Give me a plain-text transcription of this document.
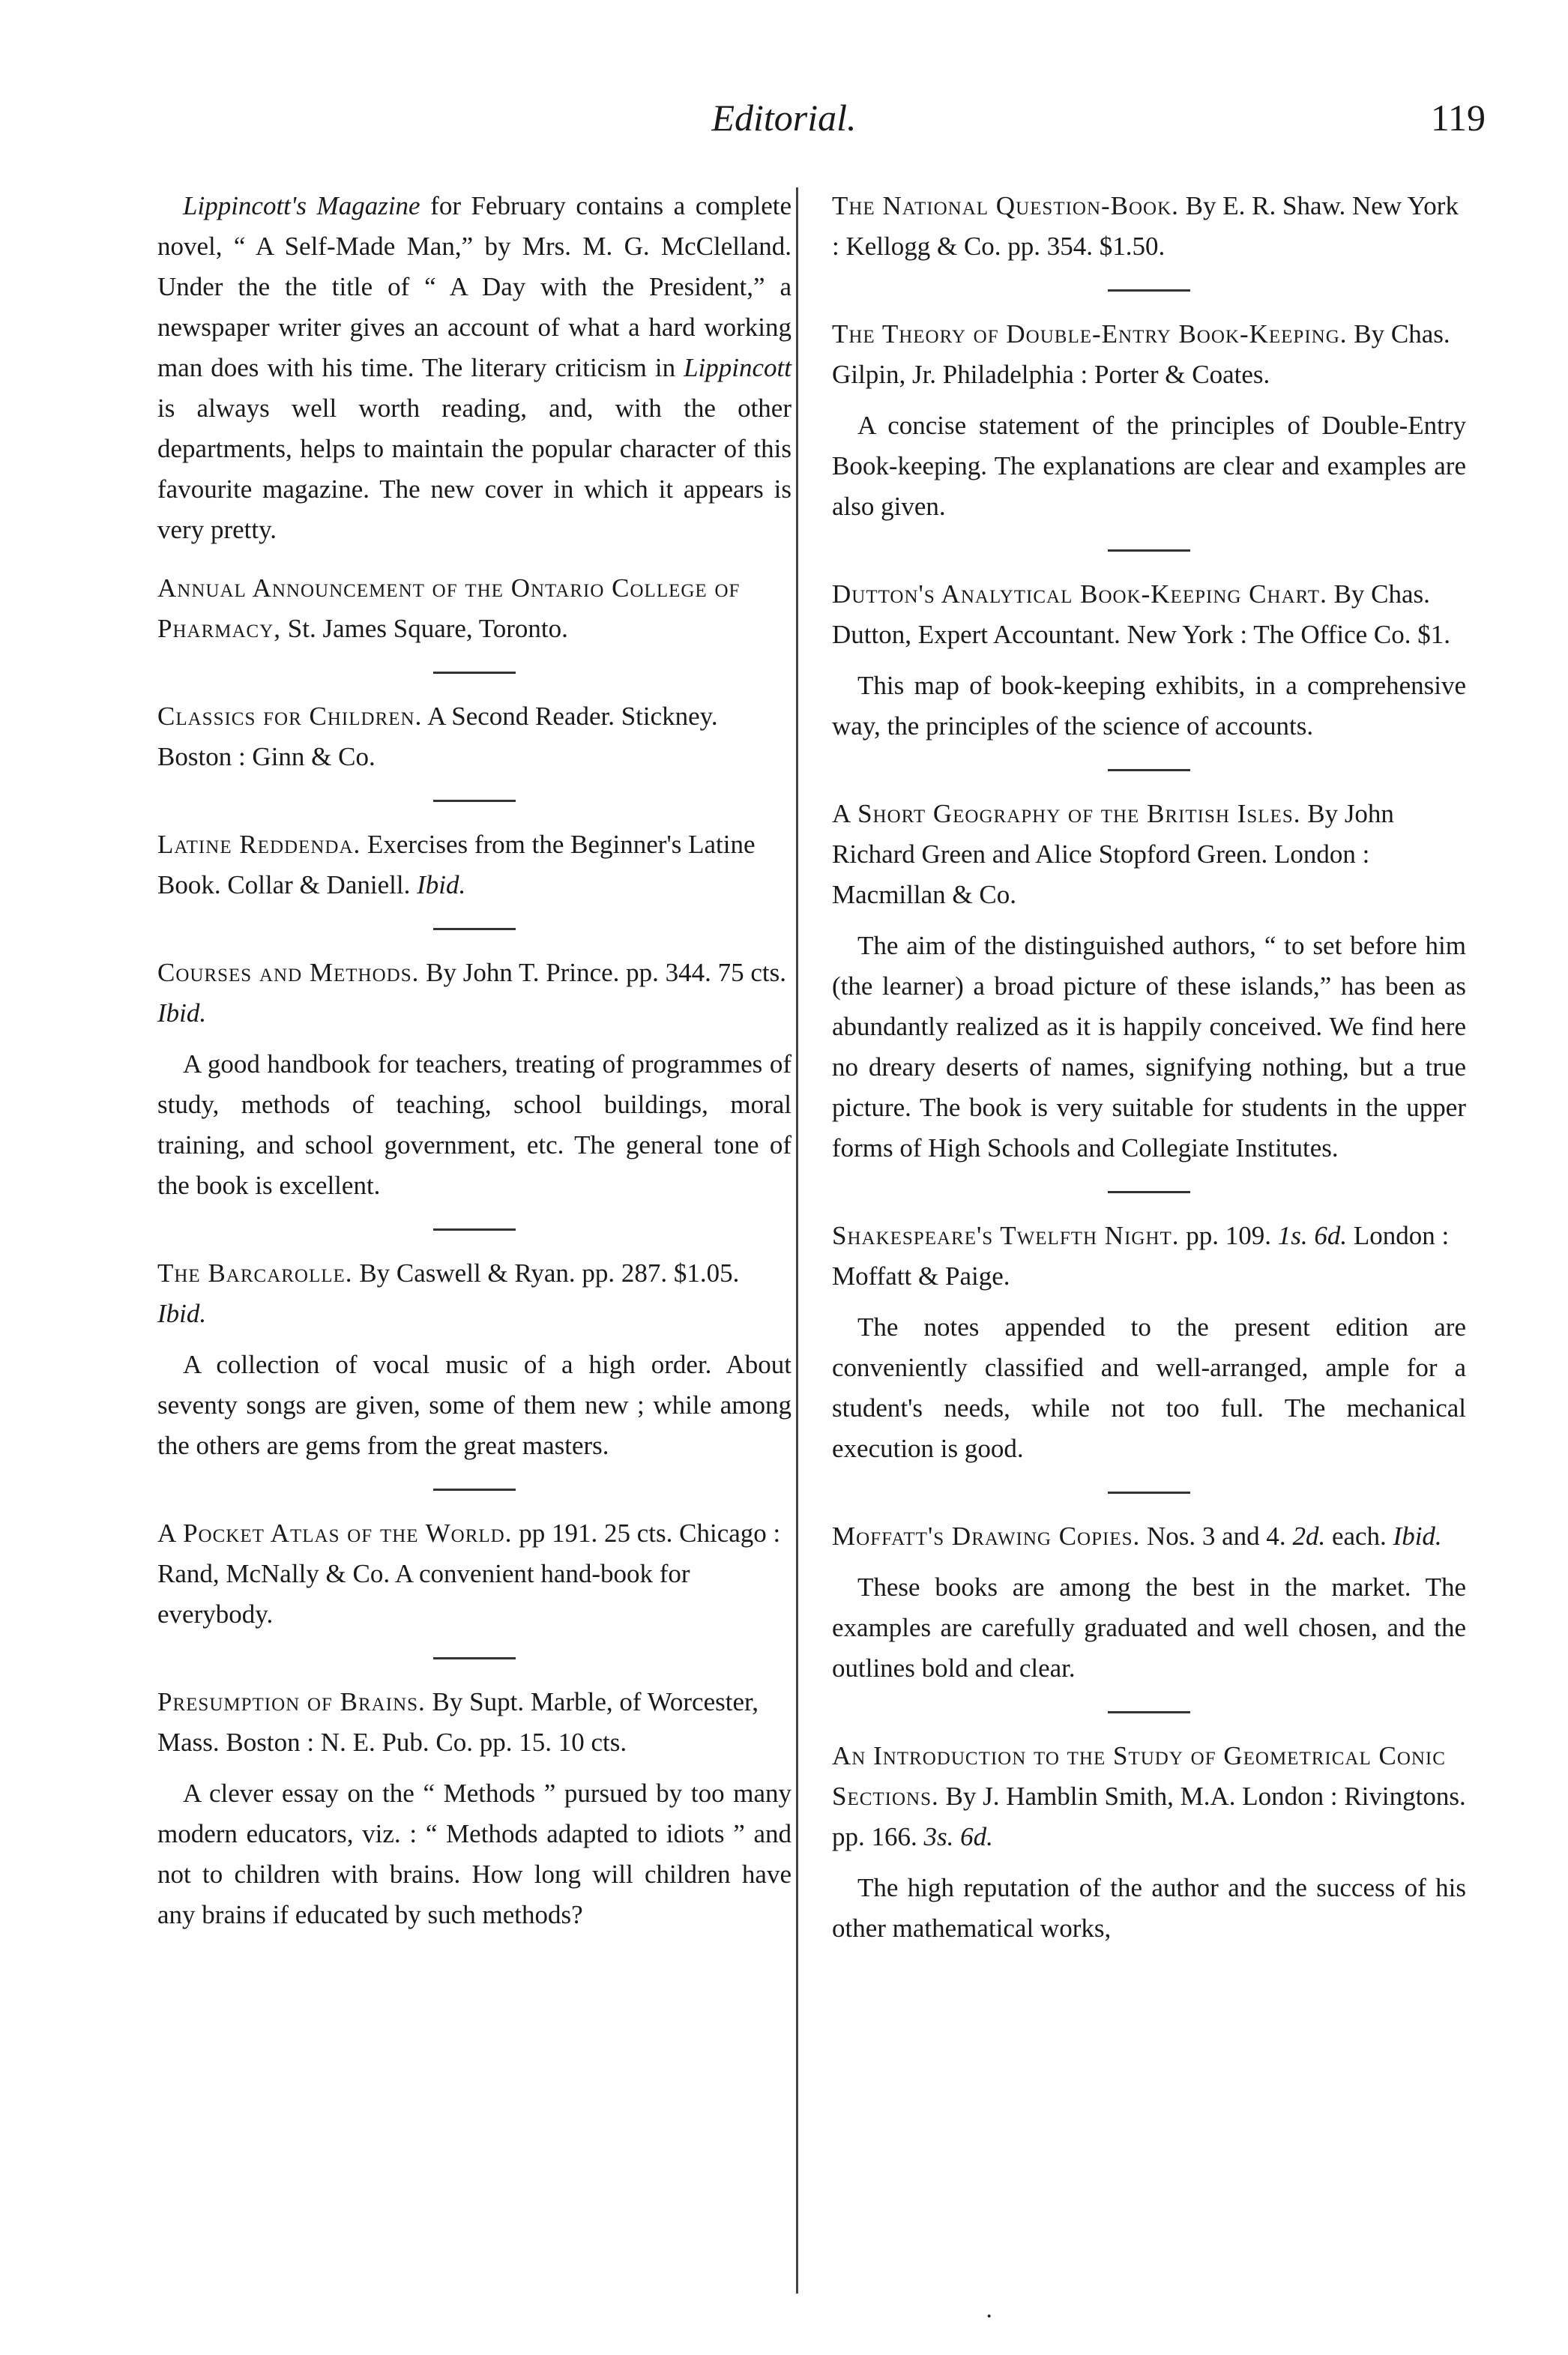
Editorial.	119

Lippincott's Magazine for February contains a complete novel, “ A Self-Made Man,” by Mrs. M. G. McClelland. Under the the title of “ A Day with the President,” a newspaper writer gives an account of what a hard working man does with his time. The literary criticism in Lippincott is always well worth reading, and, with the other departments, helps to maintain the popular character of this favourite magazine. The new cover in which it appears is very pretty.

Annual Announcement of the Ontario College of Pharmacy, St. James Square, Toronto.

Classics for Children. A Second Reader. Stickney. Boston : Ginn & Co.

Latine Reddenda. Exercises from the Beginner's Latine Book. Collar & Daniell. Ibid.

Courses and Methods. By John T. Prince. pp. 344. 75 cts. Ibid.

A good handbook for teachers, treating of programmes of study, methods of teaching, school buildings, moral training, and school government, etc. The general tone of the book is excellent.

The Barcarolle. By Caswell & Ryan. pp. 287. $1.05. Ibid.

A collection of vocal music of a high order. About seventy songs are given, some of them new ; while among the others are gems from the great masters.

A Pocket Atlas of the World. pp 191. 25 cts. Chicago : Rand, McNally & Co. A convenient hand-book for everybody.

Presumption of Brains. By Supt. Marble, of Worcester, Mass. Boston : N. E. Pub. Co. pp. 15. 10 cts.

A clever essay on the “ Methods ” pursued by too many modern educators, viz. : “ Methods adapted to idiots ” and not to children with brains. How long will children have any brains if educated by such methods?

The National Question-Book. By E. R. Shaw. New York : Kellogg & Co. pp. 354. $1.50.

The Theory of Double-Entry Book-Keeping. By Chas. Gilpin, Jr. Philadelphia : Porter & Coates.

A concise statement of the principles of Double-Entry Book-keeping. The explanations are clear and examples are also given.

Dutton's Analytical Book-Keeping Chart. By Chas. Dutton, Expert Accountant. New York : The Office Co. $1.

This map of book-keeping exhibits, in a comprehensive way, the principles of the science of accounts.

A Short Geography of the British Isles. By John Richard Green and Alice Stopford Green. London : Macmillan & Co.

The aim of the distinguished authors, “ to set before him (the learner) a broad picture of these islands,” has been as abundantly realized as it is happily conceived. We find here no dreary deserts of names, signifying nothing, but a true picture. The book is very suitable for students in the upper forms of High Schools and Collegiate Institutes.

Shakespeare's Twelfth Night. pp. 109. 1s. 6d. London : Moffatt & Paige.

The notes appended to the present edition are conveniently classified and well-arranged, ample for a student's needs, while not too full. The mechanical execution is good.

Moffatt's Drawing Copies. Nos. 3 and 4. 2d. each. Ibid.

These books are among the best in the market. The examples are carefully graduated and well chosen, and the outlines bold and clear.

An Introduction to the Study of Geometrical Conic Sections. By J. Hamblin Smith, M.A. London : Rivingtons. pp. 166. 3s. 6d.

The high reputation of the author and the success of his other mathematical works,

·
